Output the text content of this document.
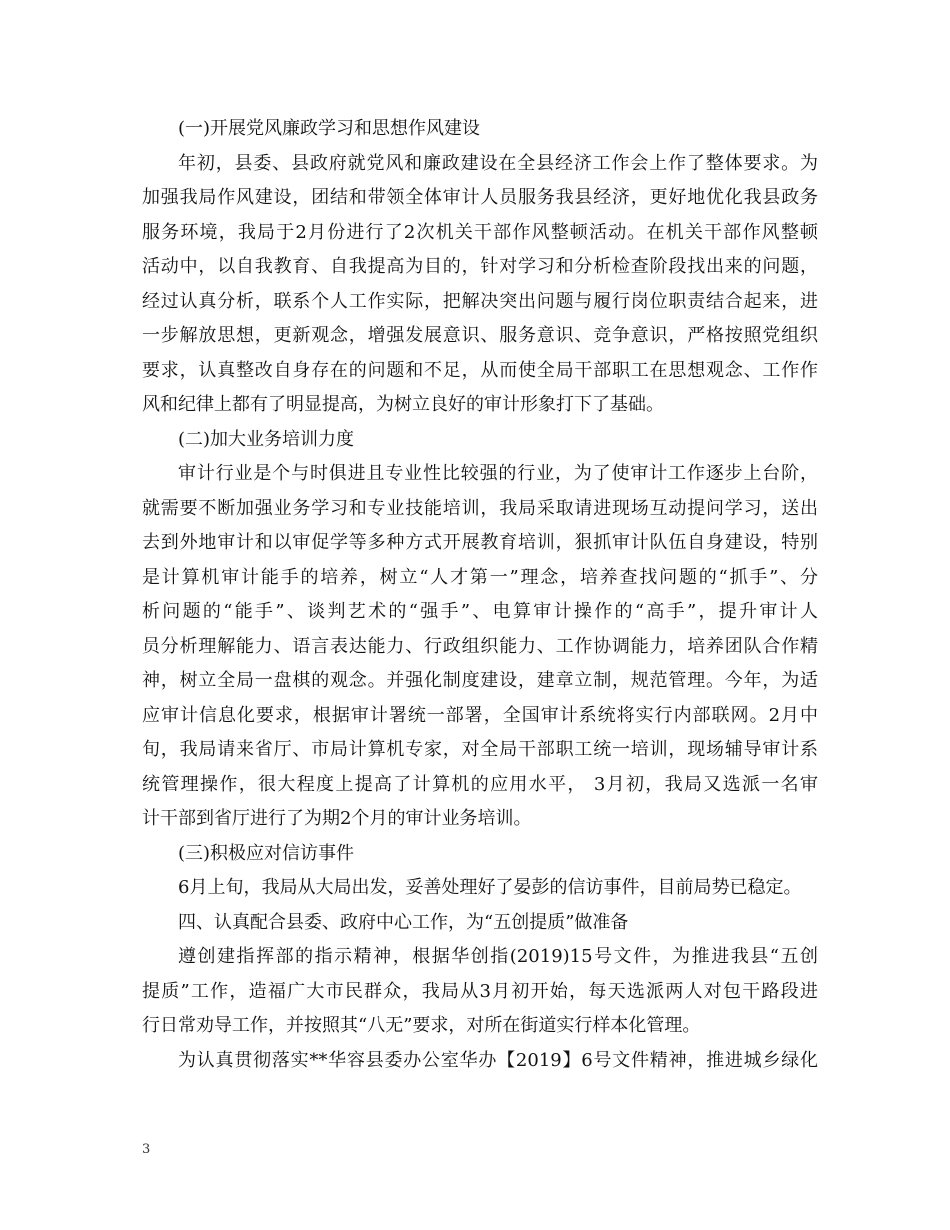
(一)开展党风廉政学习和思想作风建设
年初，县委、县政府就党风和廉政建设在全县经济工作会上作了整体要求。为
加强我局作风建设，团结和带领全体审计人员服务我县经济，更好地优化我县政务
服务环境，我局于2月份进行了2次机关干部作风整顿活动。在机关干部作风整顿
活动中，以自我教育、自我提高为目的，针对学习和分析检查阶段找出来的问题，
经过认真分析，联系个人工作实际，把解决突出问题与履行岗位职责结合起来，进
一步解放思想，更新观念，增强发展意识、服务意识、竞争意识，严格按照党组织
要求，认真整改自身存在的问题和不足，从而使全局干部职工在思想观念、工作作
风和纪律上都有了明显提高，为树立良好的审计形象打下了基础。
(二)加大业务培训力度
审计行业是个与时俱进且专业性比较强的行业，为了使审计工作逐步上台阶，
就需要不断加强业务学习和专业技能培训，我局采取请进现场互动提问学习，送出
去到外地审计和以审促学等多种方式开展教育培训，狠抓审计队伍自身建设，特别
是计算机审计能手的培养，树立“人才第一”理念，培养查找问题的“抓手”、分
析问题的“能手”、谈判艺术的“强手”、电算审计操作的“高手”，提升审计人
员分析理解能力、语言表达能力、行政组织能力、工作协调能力，培养团队合作精
神，树立全局一盘棋的观念。并强化制度建设，建章立制，规范管理。今年，为适
应审计信息化要求，根据审计署统一部署，全国审计系统将实行内部联网。2月中
旬，我局请来省厅、市局计算机专家，对全局干部职工统一培训，现场辅导审计系
统管理操作，很大程度上提高了计算机的应用水平， 3月初，我局又选派一名审
计干部到省厅进行了为期2个月的审计业务培训。
(三)积极应对信访事件
6月上旬，我局从大局出发，妥善处理好了晏彭的信访事件，目前局势已稳定。
四、认真配合县委、政府中心工作，为“五创提质”做准备
遵创建指挥部的指示精神，根据华创指(2019)15号文件，为推进我县“五创
提质”工作，造福广大市民群众，我局从3月初开始，每天选派两人对包干路段进
行日常劝导工作，并按照其“八无”要求，对所在街道实行样本化管理。
为认真贯彻落实**华容县委办公室华办【2019】6号文件精神，推进城乡绿化
3
